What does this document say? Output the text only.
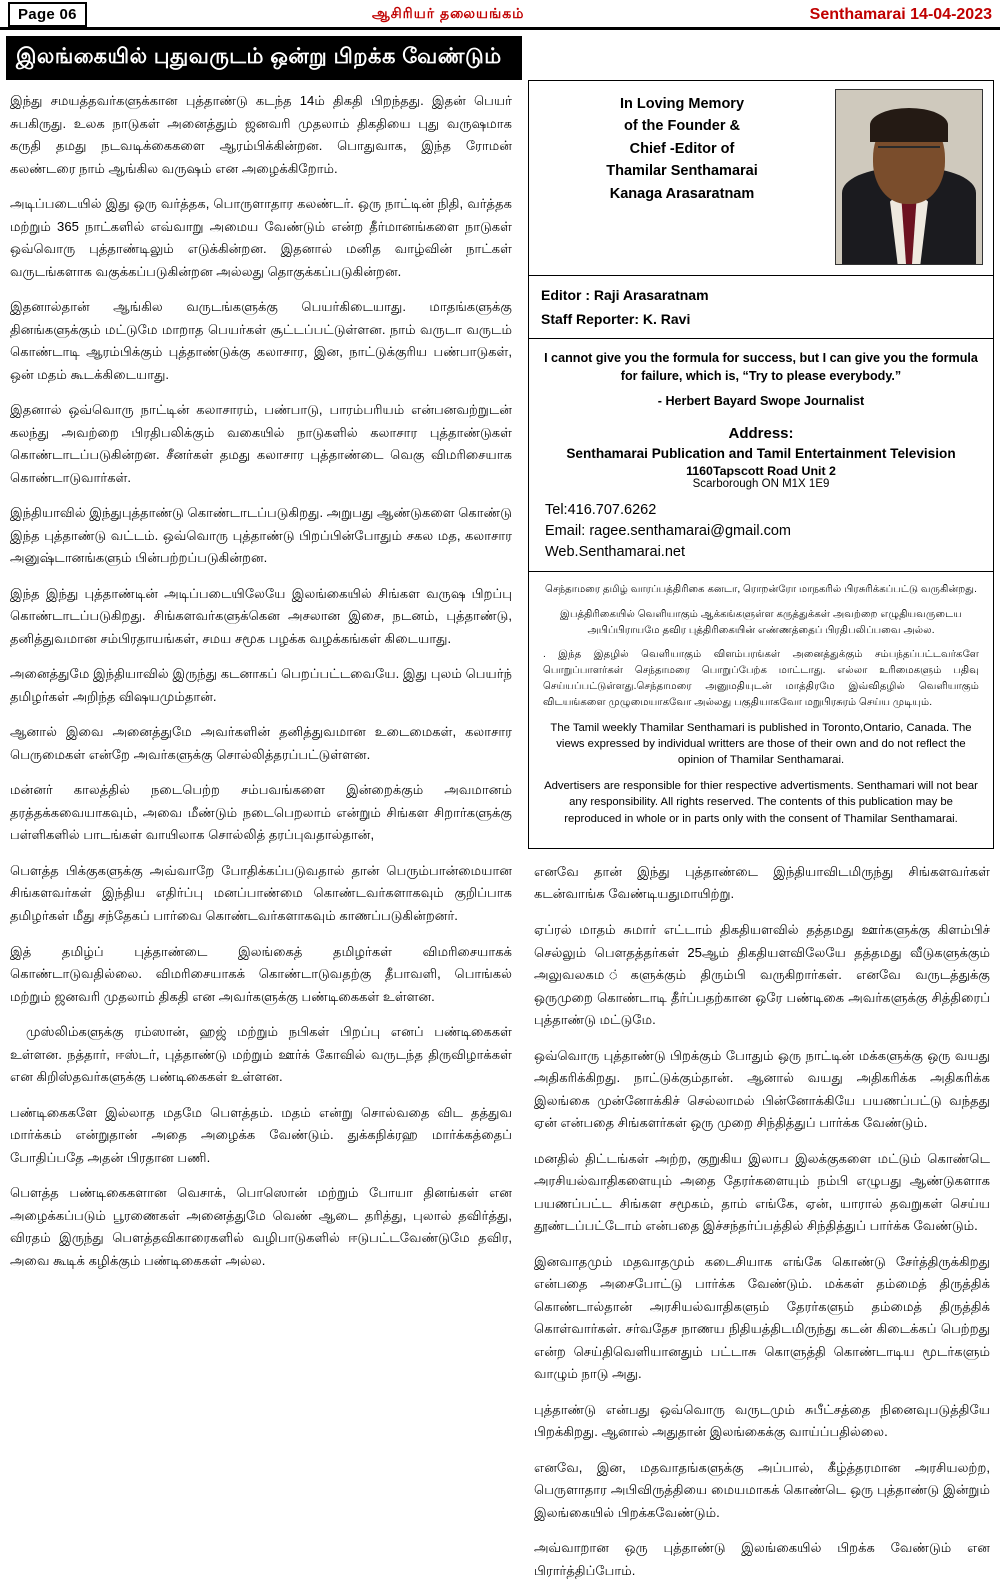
Page 06	ஆசிரியர் தலையங்கம்	Senthamarai 14-04-2023
இலங்கையில் புதுவருடம் ஒன்று பிறக்க வேண்டும்

இந்து சமயத்தவர்களுக்கான புத்தாண்டு கடந்த 14ம் திகதி பிறந்தது. இதன் பெயர் சுபகிருது. உலக நாடுகள் அனைத்தும் ஜனவரி முதலாம் திகதியை புது வருஷமாக கருதி தமது நடவடிக்கைகளை ஆரம்பிக்கின்றன. பொதுவாக, இந்த ரோமன் கலண்டரை நாம் ஆங்கில வருஷம் என அழைக்கிறோம்.

அடிப்படையில் இது ஒரு வர்த்தக, பொருளாதார கலண்டர். ஒரு நாட்டின் நிதி, வர்த்தக மற்றும் 365 நாட்களில் எவ்வாறு அமைய வேண்டும் என்ற தீர்மானங்களை நாடுகள் ஒவ்வொரு புத்தாண்டிலும் எடுக்கின்றன. இதனால் மனித வாழ்வின் நாட்கள் வருடங்களாக வகுக்கப்படுகின்றன அல்லது தொகுக்கப்படுகின்றன.

இதனால்தான் ஆங்கில வருடங்களுக்கு பெயர்கிடையாது. மாதங்களுக்கு தினங்களுக்கும் மட்டுமே மாறாத பெயர்கள் சூட்டப்பட்டுள்ளன. நாம் வருடா வருடம் கொண்டாடி ஆரம்பிக்கும் புத்தாண்டுக்கு கலாசார, இன, நாட்டுக்குரிய பண்பாடுகள், ஒன் மதம் கூடக்கிடையாது.

இதனால் ஒவ்வொரு நாட்டின் கலாசாரம், பண்பாடு, பாரம்பரியம் என்பனவற்றுடன் கலந்து அவற்றை பிரதிபலிக்கும் வகையில் நாடுகளில் கலாசார புத்தாண்டுகள் கொண்டாடப்படுகின்றன. சீனர்கள் தமது கலாசார புத்தாண்டை வெகு விமரிசையாக கொண்டாடுவார்கள்.

இந்தியாவில் இந்துபுத்தாண்டு கொண்டாடப்படுகிறது. அறுபது ஆண்டுகளை கொண்டு இந்த புத்தாண்டு வட்டம். ஒவ்வொரு புத்தாண்டு பிறப்பின்போதும் சகல மத, கலாசார அனுஷ்டானங்களும் பின்பற்றப்படுகின்றன.

இந்த இந்து புத்தாண்டின் அடிப்படையிலேயே இலங்கையில் சிங்கள வருஷ பிறப்பு கொண்டாடப்படுகிறது. சிங்களவர்களுக்கென அசலான இசை, நடனம், புத்தாண்டு, தனித்துவமான சம்பிரதாயங்கள், சமய சமூக பழக்க வழக்கங்கள் கிடையாது.

அனைத்துமே இந்தியாவில் இருந்து கடனாகப் பெறப்பட்டவையே. இது புலம் பெயர்ந் தமிழர்கள் அறிந்த விஷயமும்தான்.

ஆனால் இவை அனைத்துமே அவர்களின் தனித்துவமான உடைமைகள், கலாசார பெருமைகள் என்றே அவர்களுக்கு சொல்லித்தரப்பட்டுள்ளன.

மன்னர் காலத்தில் நடைபெற்ற சம்பவங்களை இன்றைக்கும் அவமானம் தரத்தக்கவையாகவும், அவை மீண்டும் நடைபெறலாம் என்றும் சிங்கள சிறார்களுக்கு பள்ளிகளில் பாடங்கள் வாயிலாக சொல்லித் தரப்புவதால்தான்,

பௌத்த பிக்குகளுக்கு அவ்வாறே போதிக்கப்படுவதால் தான் பெரும்பான்மையான சிங்களவர்கள் இந்திய எதிர்ப்பு மனப்பாண்மை கொண்டவர்களாகவும் குறிப்பாக தமிழர்கள் மீது சந்தேகப் பார்வை கொண்டவர்களாகவும் காணப்படுகின்றனர்.

இத் தமிழ்ப் புத்தாண்டை இலங்கைத் தமிழர்கள் விமரிசையாகக் கொண்டாடுவதில்லை. விமரிசையாகக் கொண்டாடுவதற்கு தீபாவளி, பொங்கல் மற்றும் ஜனவரி முதலாம் திகதி என அவர்களுக்கு பண்டிகைகள் உள்ளன.

முஸ்லிம்களுக்கு ரம்ஸான், ஹஜ் மற்றும் நபிகள் பிறப்பு எனப் பண்டிகைகள் உள்ளன. நத்தார், ஈஸ்டர், புத்தாண்டு மற்றும் ஊர்க் கோவில் வருடந்த திருவிழாக்கள் என கிறிஸ்தவர்களுக்கு பண்டிகைகள் உள்ளன.

பண்டிகைகளே இல்லாத மதமே பௌத்தம். மதம் என்று சொல்வதை விட தத்துவ மார்க்கம் என்றுதான் அதை அழைக்க வேண்டும். துக்கநிக்ரஹ மார்க்கத்தைப் போதிப்பதே அதன் பிரதான பணி.

பௌத்த பண்டிகைகளான வெசாக், பொஸொன் மற்றும் போயா தினங்கள் என அழைக்கப்படும் பூரணைகள் அனைத்துமே வெண் ஆடை தரித்து, புலால் தவிர்த்து, விரதம் இருந்து பௌத்தவிகாரைகளில் வழிபாடுகளில் ஈடுபட்டவேண்டுமே தவிர, அவை கூடிக் கழிக்கும் பண்டிகைகள் அல்ல.

In Loving Memory
of the Founder &
Chief -Editor of
Thamilar Senthamarai
Kanaga Arasaratnam
Editor : Raji Arasaratnam
Staff Reporter: K. Ravi
I cannot give you the formula for success, but I can give you the formula for failure, which is, “Try to please everybody.”
- Herbert Bayard Swope Journalist
Address:
Senthamarai Publication and Tamil Entertainment Television
1160Tapscott Road Unit 2
Scarborough ON M1X 1E9
Tel:416.707.6262
Email: ragee.senthamarai@gmail.com
Web.Senthamarai.net

செந்தாமரை தமிழ் வாரப்பத்திரிகை கனடா, ரொறன்ரோ மாநகரில் பிரசுரிக்கப்பட்டு வருகின்றது.

இபத்திரிகையில் வெளியாகும் ஆக்கங்களுள்ள கருத்துக்கள் அவற்றை எழுதியவருடைய அபிப்பிராயமே தவிர புத்திரிகையின் எண்ணத்தைப் பிரதிபலிப்பவை அல்ல.

. இந்த இதழில் வெளியாகும் விளம்பரங்கள் அனைத்துக்கும் சம்பந்தப்பட்டவர்களே பொறுப்பாளர்கள் செந்தாமரை பொறுப்பேற்க மாட்டாது. எல்லா உரிமைகளும் பதிவு செய்யப்பட்டுள்ளது.செந்தாமரை அனுமதியுடன் மாத்திரமே இவ்விதழில் வெளியாகும் விடயங்களை முழுமையாகவோ அல்லது பகுதியாகவோ மறுபிரசுரம் செய்ய முடியும்.

The Tamil weekly Thamilar Senthamari is published in Toronto,Ontario, Canada. The views expressed by individual writters are those of their own and do not reflect the opinion of Thamilar Senthamarai.

Advertisers are responsible for thier respective advertisments. Senthamari will not bear any responsibility. All rights reserved. The contents of this publication may be reproduced in whole or in parts only with the consent of Thamilar Senthamarai.

எனவே தான் இந்து புத்தாண்டை இந்தியாவிடமிருந்து சிங்களவர்கள் கடன்வாங்க வேண்டியதுமாயிற்று.

ஏப்ரல் மாதம் சுமார் எட்டாம் திகதியளவில் தத்தமது ஊர்களுக்கு கிளம்பிச் செல்லும் பௌதத்தர்கள் 25ஆம் திகதியளவிலேயே தத்தமது வீடுகளுக்கும் அலுவலகம ்களுக்கும் திரும்பி வருகிறார்கள். எனவே வருடத்துக்கு ஒருமுறை கொண்டாடி தீர்ப்பதற்கான ஒரே பண்டிகை அவர்களுக்கு சித்திரைப் புத்தாண்டு மட்டுமே.

ஒவ்வொரு புத்தாண்டு பிறக்கும் போதும் ஒரு நாட்டின் மக்களுக்கு ஒரு வயது அதிகரிக்கிறது. நாட்டுக்கும்தான். ஆனால் வயது அதிகரிக்க அதிகரிக்க இலங்கை முன்னோக்கிச் செல்லாமல் பின்னோக்கியே பயணப்பட்டு வந்தது ஏன் என்பதை சிங்களர்கள் ஒரு முறை சிந்தித்துப் பார்க்க வேண்டும்.

மனதில் திட்டங்கள் அற்ற, குறுகிய இலாப இலக்குகளை மட்டும் கொண்டெ அரசியல்வாதிகளையும் அதை தேரர்களையும் நம்பி எழுபது ஆண்டுகளாக பயணப்பட்ட சிங்கள சமூகம், தாம் எங்கே, ஏன், யாரால் தவறுகள் செய்ய தூண்டப்பட்டோம் என்பதை இச்சந்தர்ப்பத்தில் சிந்தித்துப் பார்க்க வேண்டும்.

இனவாதமும் மதவாதமும் கடைசியாக எங்கே கொண்டு சேர்த்திருக்கிறது என்பதை அசைபோட்டு பார்க்க வேண்டும். மக்கள் தம்மைத் திருத்திக் கொண்டால்தான் அரசியல்வாதிகளும் தேரர்களும் தம்மைத் திருத்திக் கொள்வார்கள். சர்வதேச நாணய நிதியத்திடமிருந்து கடன் கிடைக்கப் பெற்றது என்ற செய்திவெளியானதும் பட்டாசு கொளுத்தி கொண்டாடிய மூடர்களும் வாழும் நாடு அது.

புத்தாண்டு என்பது ஒவ்வொரு வருடமும் சுபீட்சத்தை நினைவுபடுத்தியே பிறக்கிறது. ஆனால் அதுதான் இலங்கைக்கு வாய்ப்பதில்லை.

எனவே, இன, மதவாதங்களுக்கு அப்பால், கீழ்த்தரமான அரசியலற்ற, பெருளாதார அபிவிருத்தியை மையமாகக் கொண்டெ ஒரு புத்தாண்டு இன்றும் இலங்கையில் பிறக்கவேண்டும்.

அவ்வாறான ஒரு புத்தாண்டு இலங்கையில் பிறக்க வேண்டும் என பிரார்த்திப்போம்.
